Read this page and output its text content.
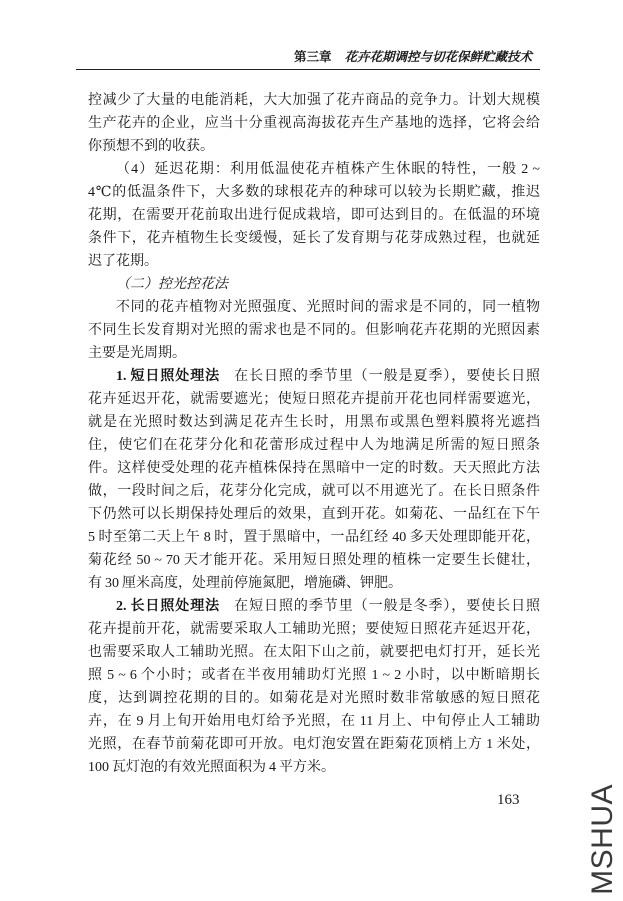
第三章 花卉花期调控与切花保鲜贮藏技术
控减少了大量的电能消耗，大大加强了花卉商品的竞争力。计划大规模
生产花卉的企业，应当十分重视高海拔花卉生产基地的选择，它将会给
你预想不到的收获。
（4）延迟花期：利用低温使花卉植株产生休眠的特性，一般 2 ~
4℃的低温条件下，大多数的球根花卉的种球可以较为长期贮藏，推迟
花期，在需要开花前取出进行促成栽培，即可达到目的。在低温的环境
条件下，花卉植物生长变缓慢，延长了发育期与花芽成熟过程，也就延
迟了花期。
（二）控光控花法
不同的花卉植物对光照强度、光照时间的需求是不同的，同一植物
不同生长发育期对光照的需求也是不同的。但影响花卉花期的光照因素
主要是光周期。
1. 短日照处理法 在长日照的季节里（一般是夏季），要使长日照
花卉延迟开花，就需要遮光；使短日照花卉提前开花也同样需要遮光，
就是在光照时数达到满足花卉生长时，用黑布或黑色塑料膜将光遮挡
住，使它们在花芽分化和花蕾形成过程中人为地满足所需的短日照条
件。这样使受处理的花卉植株保持在黑暗中一定的时数。天天照此方法
做，一段时间之后，花芽分化完成，就可以不用遮光了。在长日照条件
下仍然可以长期保持处理后的效果，直到开花。如菊花、一品红在下午
5 时至第二天上午 8 时，置于黑暗中，一品红经 40 多天处理即能开花，
菊花经 50 ~ 70 天才能开花。采用短日照处理的植株一定要生长健壮，
有 30 厘米高度，处理前停施氮肥，增施磷、钾肥。
2. 长日照处理法 在短日照的季节里（一般是冬季），要使长日照
花卉提前开花，就需要采取人工辅助光照；要使短日照花卉延迟开花，
也需要采取人工辅助光照。在太阳下山之前，就要把电灯打开，延长光
照 5 ~ 6 个小时；或者在半夜用辅助灯光照 1 ~ 2 小时，以中断暗期长
度，达到调控花期的目的。如菊花是对光照时数非常敏感的短日照花
卉，在 9 月上旬开始用电灯给予光照，在 11 月上、中旬停止人工辅助
光照，在春节前菊花即可开放。电灯泡安置在距菊花顶梢上方 1 米处，
100 瓦灯泡的有效光照面积为 4 平方米。
163 MSHUA
